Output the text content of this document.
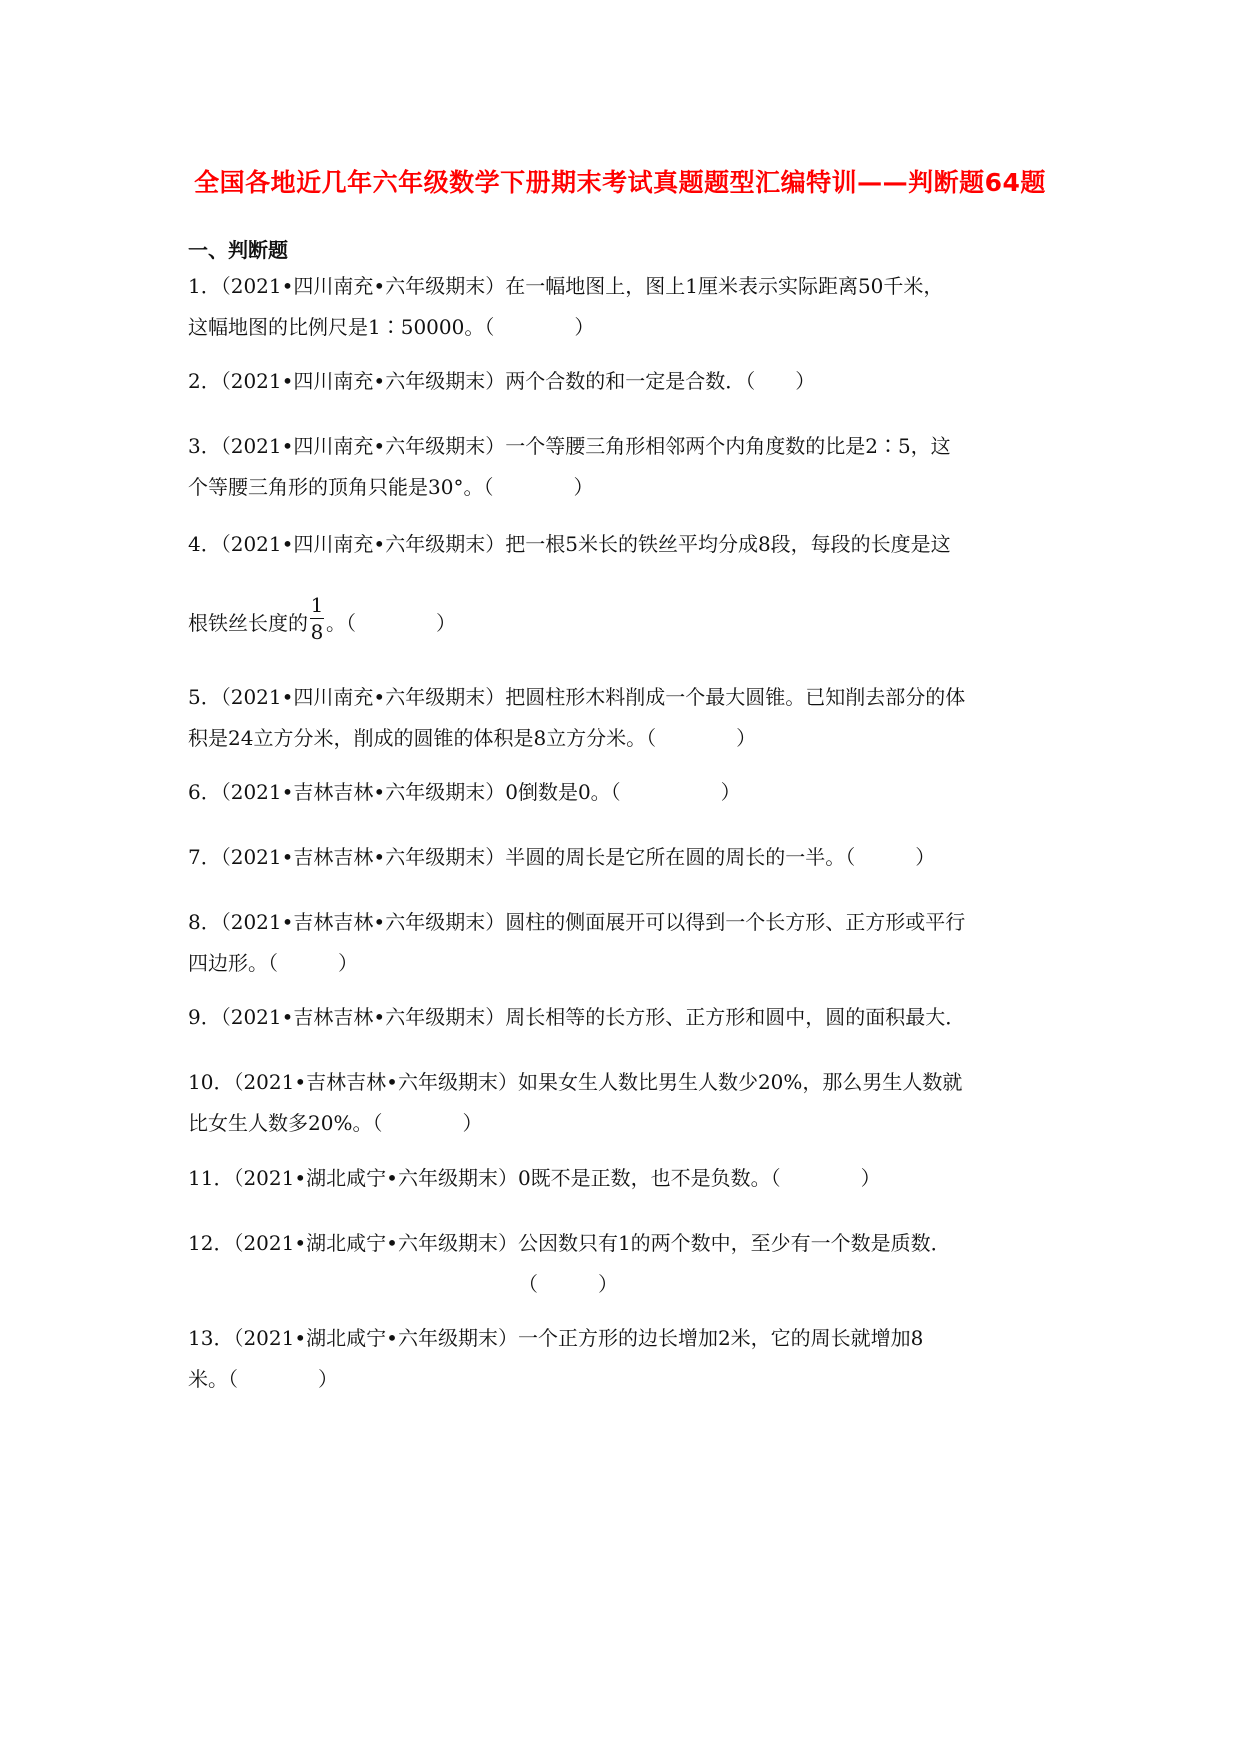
全国各地近几年六年级数学下册期末考试真题题型汇编特训——判断题64题
一、判断题
1．（2021•四川南充•六年级期末）在一幅地图上，图上1厘米表示实际距离50千米，
这幅地图的比例尺是1∶50000。（　　　　）
2．（2021•四川南充•六年级期末）两个合数的和一定是合数．（　　）
3．（2021•四川南充•六年级期末）一个等腰三角形相邻两个内角度数的比是2∶5，这
个等腰三角形的顶角只能是30°。（　　　　）
4．（2021•四川南充•六年级期末）把一根5米长的铁丝平均分成8段，每段的长度是这
根铁丝长度的 $\frac{1}{8}$ 。（　　　　）
5．（2021•四川南充•六年级期末）把圆柱形木料削成一个最大圆锥。已知削去部分的体
积是24立方分米，削成的圆锥的体积是8立方分米。（　　　　）
6．（2021•吉林吉林•六年级期末）0倒数是0。（　　　　　）
7．（2021•吉林吉林•六年级期末）半圆的周长是它所在圆的周长的一半。（　　　）
8．（2021•吉林吉林•六年级期末）圆柱的侧面展开可以得到一个长方形、正方形或平行
四边形。（　　　）
9．（2021•吉林吉林•六年级期末）周长相等的长方形、正方形和圆中，圆的面积最大．
10．（2021•吉林吉林•六年级期末）如果女生人数比男生人数少20%，那么男生人数就
比女生人数多20%。（　　　　）
11．（2021•湖北咸宁•六年级期末）0既不是正数，也不是负数。（　　　　）
12．（2021•湖北咸宁•六年级期末）公因数只有1的两个数中，至少有一个数是质数．
（　　　）
13．（2021•湖北咸宁•六年级期末）一个正方形的边长增加2米，它的周长就增加8
米。（　　　　）
